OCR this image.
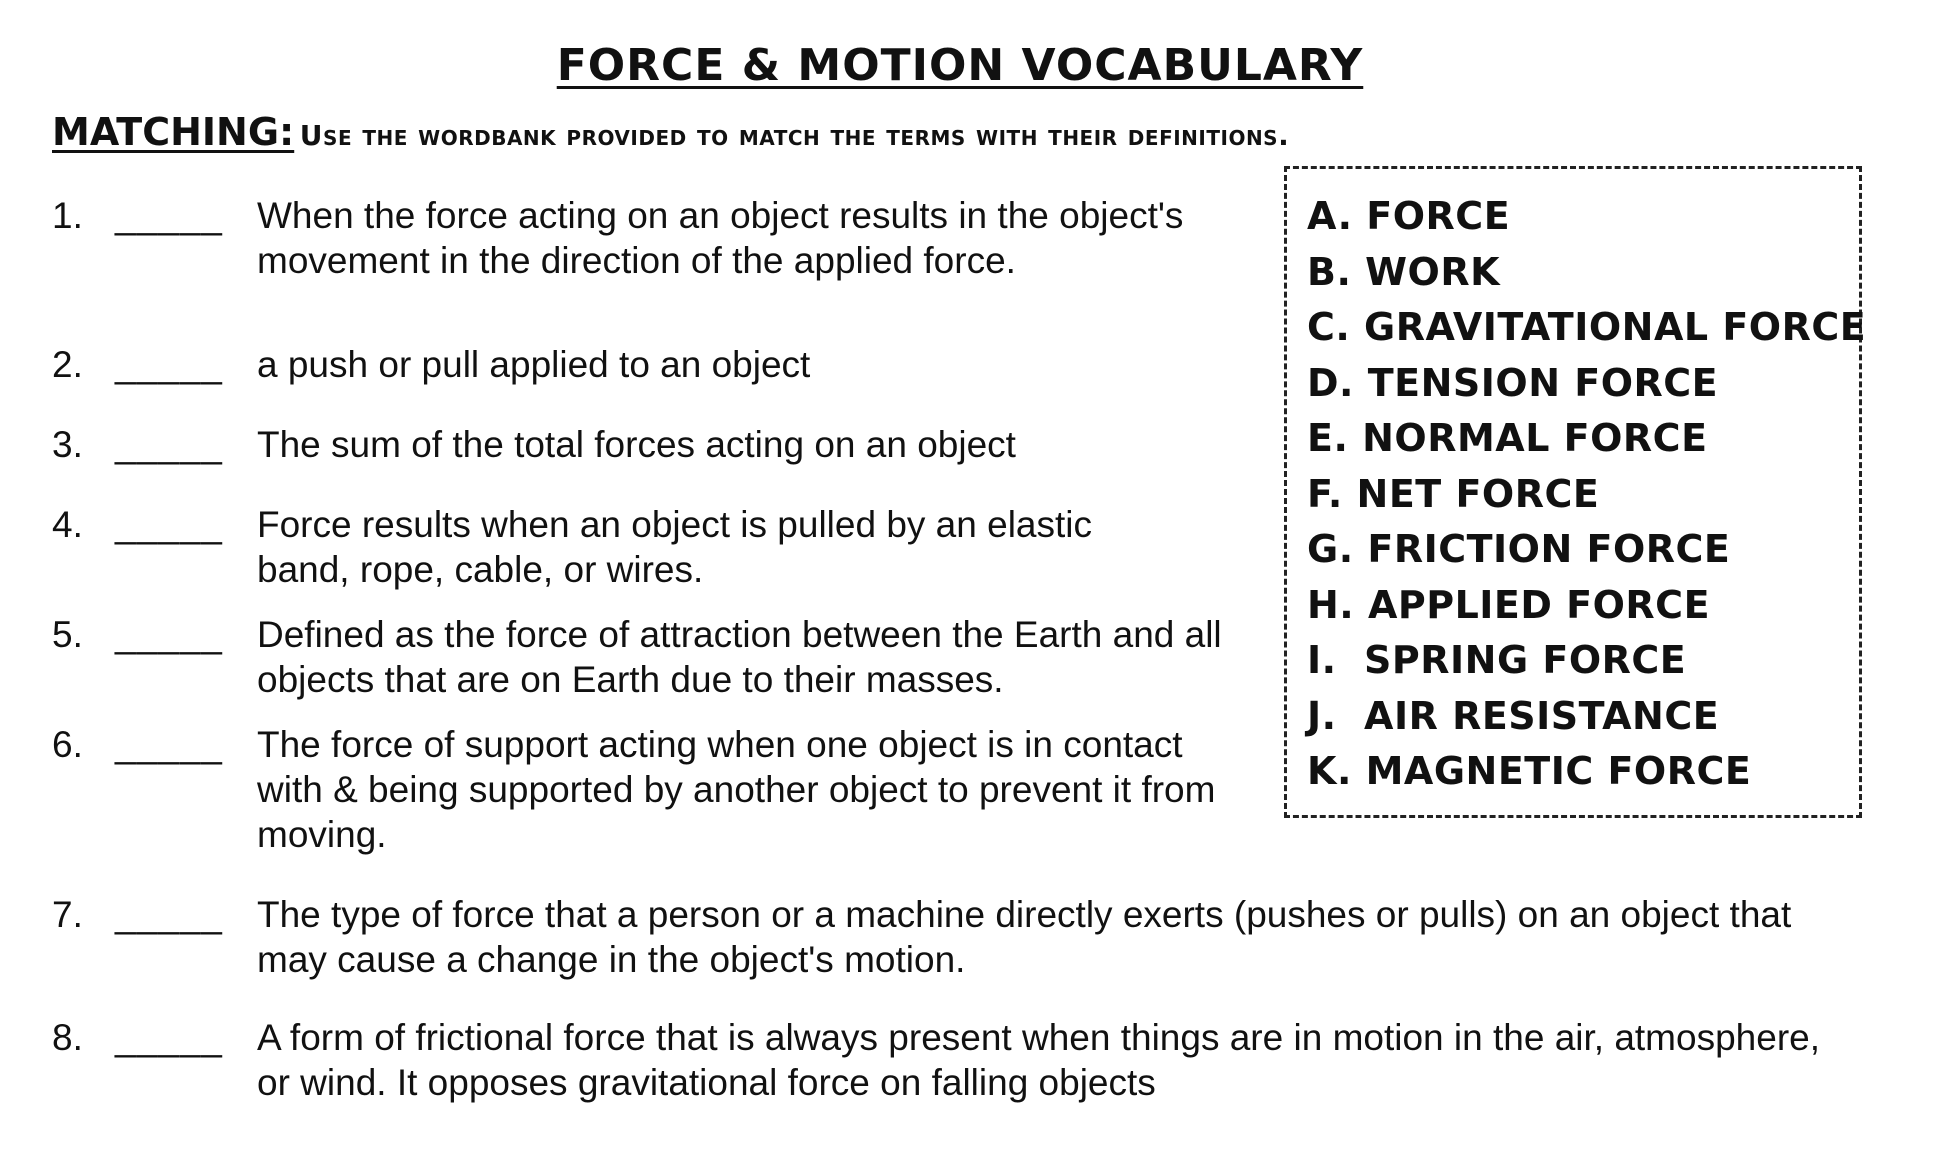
FORCE & MOTION VOCABULARY
MATCHING: Use the wordbank provided to match the terms with their definitions.
1. _____ When the force acting on an object results in the object's movement in the direction of the applied force.
2. _____ a push or pull applied to an object
3. _____ The sum of the total forces acting on an object
4. _____ Force results when an object is pulled by an elastic band, rope, cable, or wires.
5. _____ Defined as the force of attraction between the Earth and all objects that are on Earth due to their masses.
6. _____ The force of support acting when one object is in contact with & being supported by another object to prevent it from moving.
7. _____ The type of force that a person or a machine directly exerts (pushes or pulls) on an object that may cause a change in the object's motion.
8. _____ A form of frictional force that is always present when things are in motion in the air, atmosphere, or wind. It opposes gravitational force on falling objects
A. FORCE
B. WORK
C. GRAVITATIONAL FORCE
D. TENSION FORCE
E. NORMAL FORCE
F. NET FORCE
G. FRICTION FORCE
H. APPLIED FORCE
I.  SPRING FORCE
J.  AIR RESISTANCE
K. MAGNETIC FORCE
